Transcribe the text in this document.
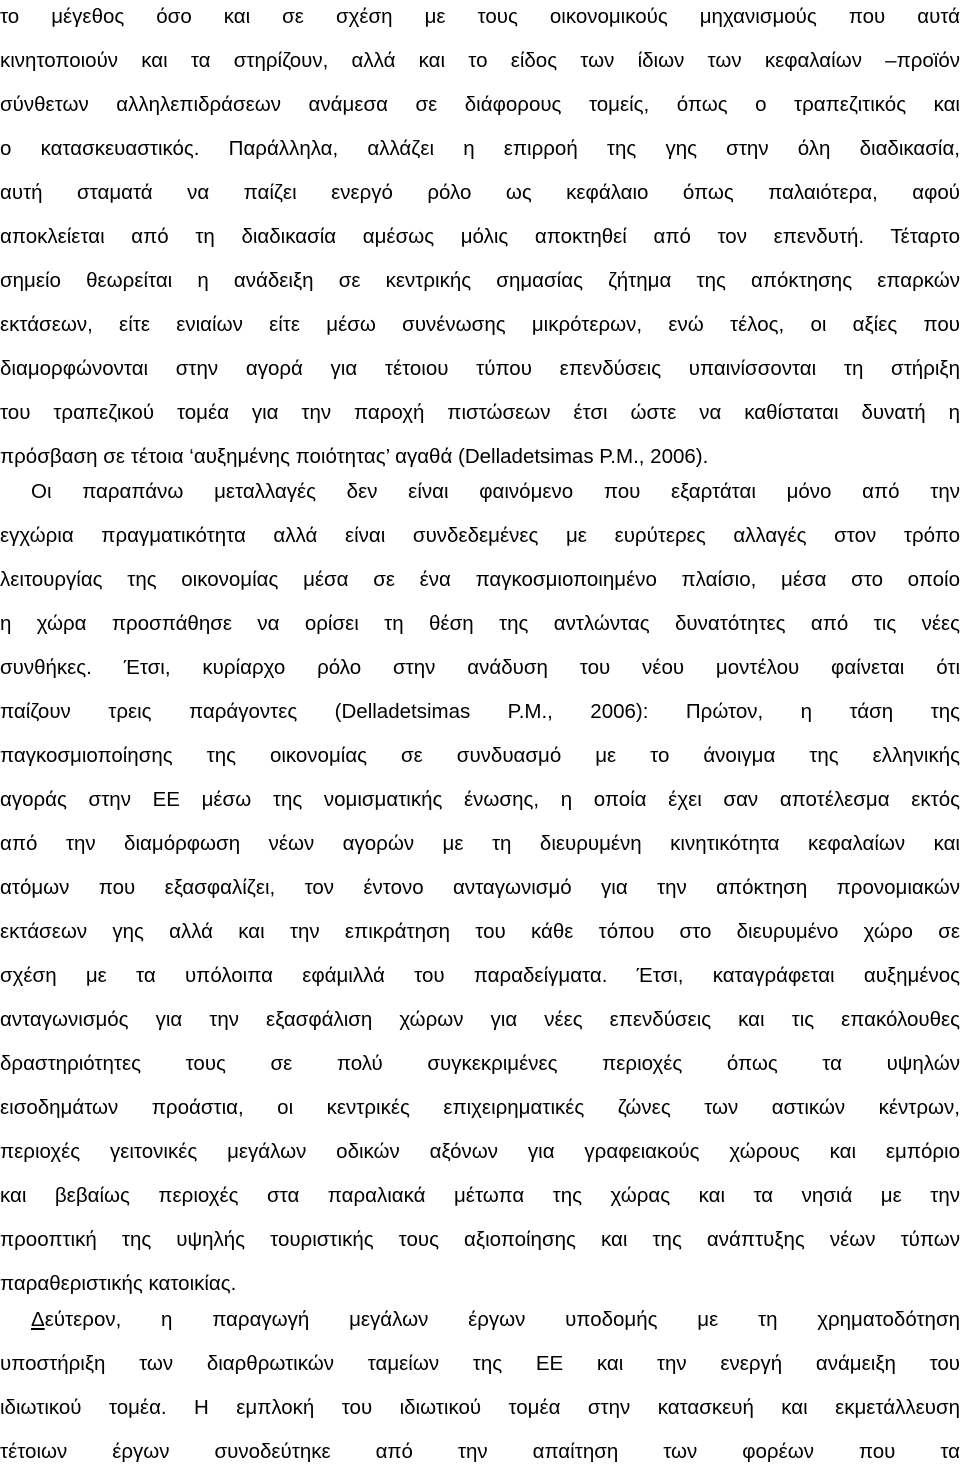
το μέγεθος όσο και σε σχέση με τους οικονομικούς μηχανισμούς που αυτά
κινητοποιούν και τα στηρίζουν, αλλά και το είδος των ίδιων των κεφαλαίων –προϊόν
σύνθετων αλληλεπιδράσεων ανάμεσα σε διάφορους τομείς, όπως ο τραπεζιτικός και
ο κατασκευαστικός. Παράλληλα, αλλάζει η επιρροή της γης στην όλη διαδικασία,
αυτή σταματά να παίζει ενεργό ρόλο ως κεφάλαιο όπως παλαιότερα, αφού
αποκλείεται από τη διαδικασία αμέσως μόλις αποκτηθεί από τον επενδυτή. Τέταρτο
σημείο θεωρείται η ανάδειξη σε κεντρικής σημασίας ζήτημα της απόκτησης επαρκών
εκτάσεων, είτε ενιαίων είτε μέσω συνένωσης μικρότερων, ενώ τέλος, οι αξίες που
διαμορφώνονται στην αγορά για τέτοιου τύπου επενδύσεις υπαινίσσονται τη στήριξη
του τραπεζικού τομέα για την παροχή πιστώσεων έτσι ώστε να καθίσταται δυνατή η
πρόσβαση σε τέτοια ‘αυξημένης ποιότητας’ αγαθά (Delladetsimas P.M., 2006).
Οι παραπάνω μεταλλαγές δεν είναι φαινόμενο που εξαρτάται μόνο από την
εγχώρια πραγματικότητα αλλά είναι συνδεδεμένες με ευρύτερες αλλαγές στον τρόπο
λειτουργίας της οικονομίας μέσα σε ένα παγκοσμιοποιημένο πλαίσιο, μέσα στο οποίο
η χώρα προσπάθησε να ορίσει τη θέση της αντλώντας δυνατότητες από τις νέες
συνθήκες. Έτσι, κυρίαρχο ρόλο στην ανάδυση του νέου μοντέλου φαίνεται ότι
παίζουν τρεις παράγοντες (Delladetsimas P.M., 2006): Πρώτον, η τάση της
παγκοσμιοποίησης της οικονομίας σε συνδυασμό με το άνοιγμα της ελληνικής
αγοράς στην ΕΕ μέσω της νομισματικής ένωσης, η οποία έχει σαν αποτέλεσμα εκτός
από την διαμόρφωση νέων αγορών με τη διευρυμένη κινητικότητα κεφαλαίων και
ατόμων που εξασφαλίζει, τον έντονο ανταγωνισμό για την απόκτηση προνομιακών
εκτάσεων γης αλλά και την επικράτηση του κάθε τόπου στο διευρυμένο χώρο σε
σχέση με τα υπόλοιπα εφάμιλλά του παραδείγματα. Έτσι, καταγράφεται αυξημένος
ανταγωνισμός για την εξασφάλιση χώρων για νέες επενδύσεις και τις επακόλουθες
δραστηριότητες τους σε πολύ συγκεκριμένες περιοχές όπως τα υψηλών
εισοδημάτων προάστια, οι κεντρικές επιχειρηματικές ζώνες των αστικών κέντρων,
περιοχές γειτονικές μεγάλων οδικών αξόνων για γραφειακούς χώρους και εμπόριο
και βεβαίως περιοχές στα παραλιακά μέτωπα της χώρας και τα νησιά με την
προοπτική της υψηλής τουριστικής τους αξιοποίησης και της ανάπτυξης νέων τύπων
παραθεριστικής κατοικίας.
Δεύτερον, η παραγωγή μεγάλων έργων υποδομής με τη χρηματοδότηση
υποστήριξη των διαρθρωτικών ταμείων της ΕΕ και την ενεργή ανάμειξη του
ιδιωτικού τομέα. Η εμπλοκή του ιδιωτικού τομέα στην κατασκευή και εκμετάλλευση
τέτοιων έργων συνοδεύτηκε από την απαίτηση των φορέων που τα
